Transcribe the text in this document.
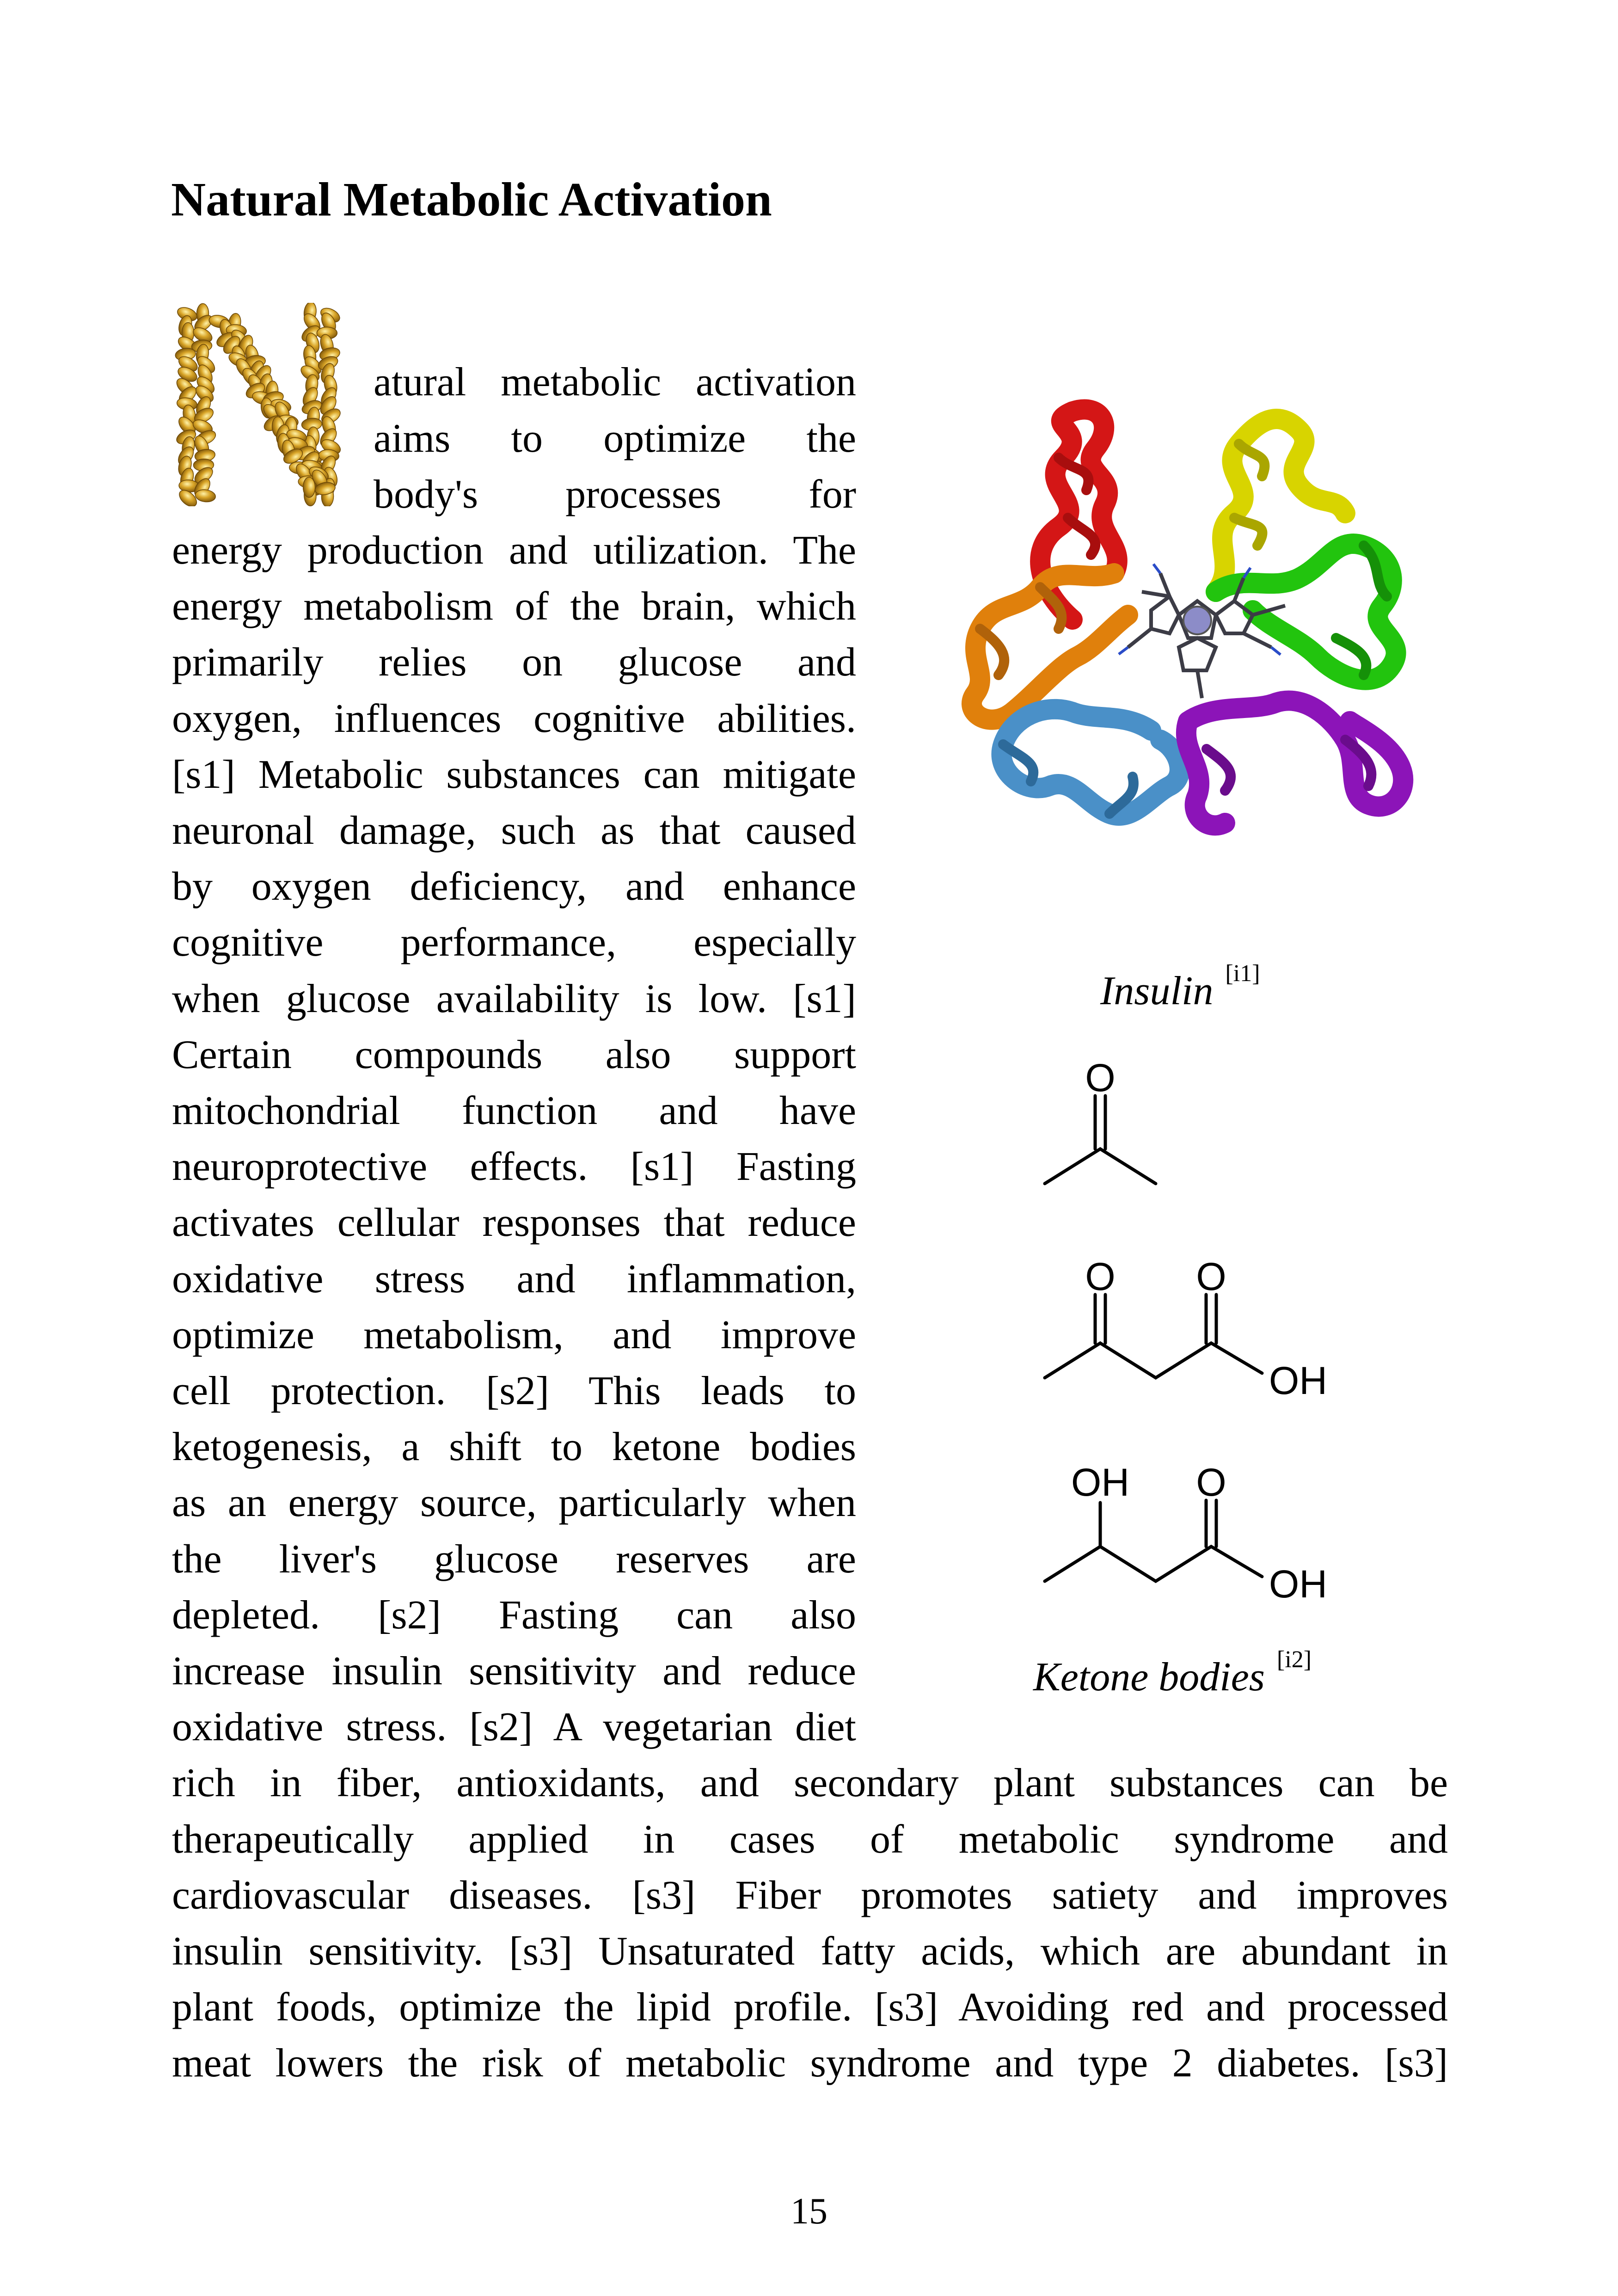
Natural Metabolic Activation
atural metabolic activation
aims to optimize the
body's processes for
energy production and utilization. The
energy metabolism of the brain, which
primarily relies on glucose and
oxygen, influences cognitive abilities.
[s1] Metabolic substances can mitigate
neuronal damage, such as that caused
by oxygen deficiency, and enhance
cognitive performance, especially
when glucose availability is low. [s1]
Certain compounds also support
mitochondrial function and have
neuroprotective effects. [s1] Fasting
activates cellular responses that reduce
oxidative stress and inflammation,
optimize metabolism, and improve
cell protection. [s2] This leads to
ketogenesis, a shift to ketone bodies
as an energy source, particularly when
the liver's glucose reserves are
depleted. [s2] Fasting can also
increase insulin sensitivity and reduce
oxidative stress. [s2] A vegetarian diet
rich in fiber, antioxidants, and secondary plant substances can be
therapeutically applied in cases of metabolic syndrome and
cardiovascular diseases. [s3] Fiber promotes satiety and improves
insulin sensitivity. [s3] Unsaturated fatty acids, which are abundant in
plant foods, optimize the lipid profile. [s3] Avoiding red and processed
meat lowers the risk of metabolic syndrome and type 2 diabetes. [s3]
Insulin [i1]
O
O O
OH
OH O
OH
Ketone bodies [i2]
15
